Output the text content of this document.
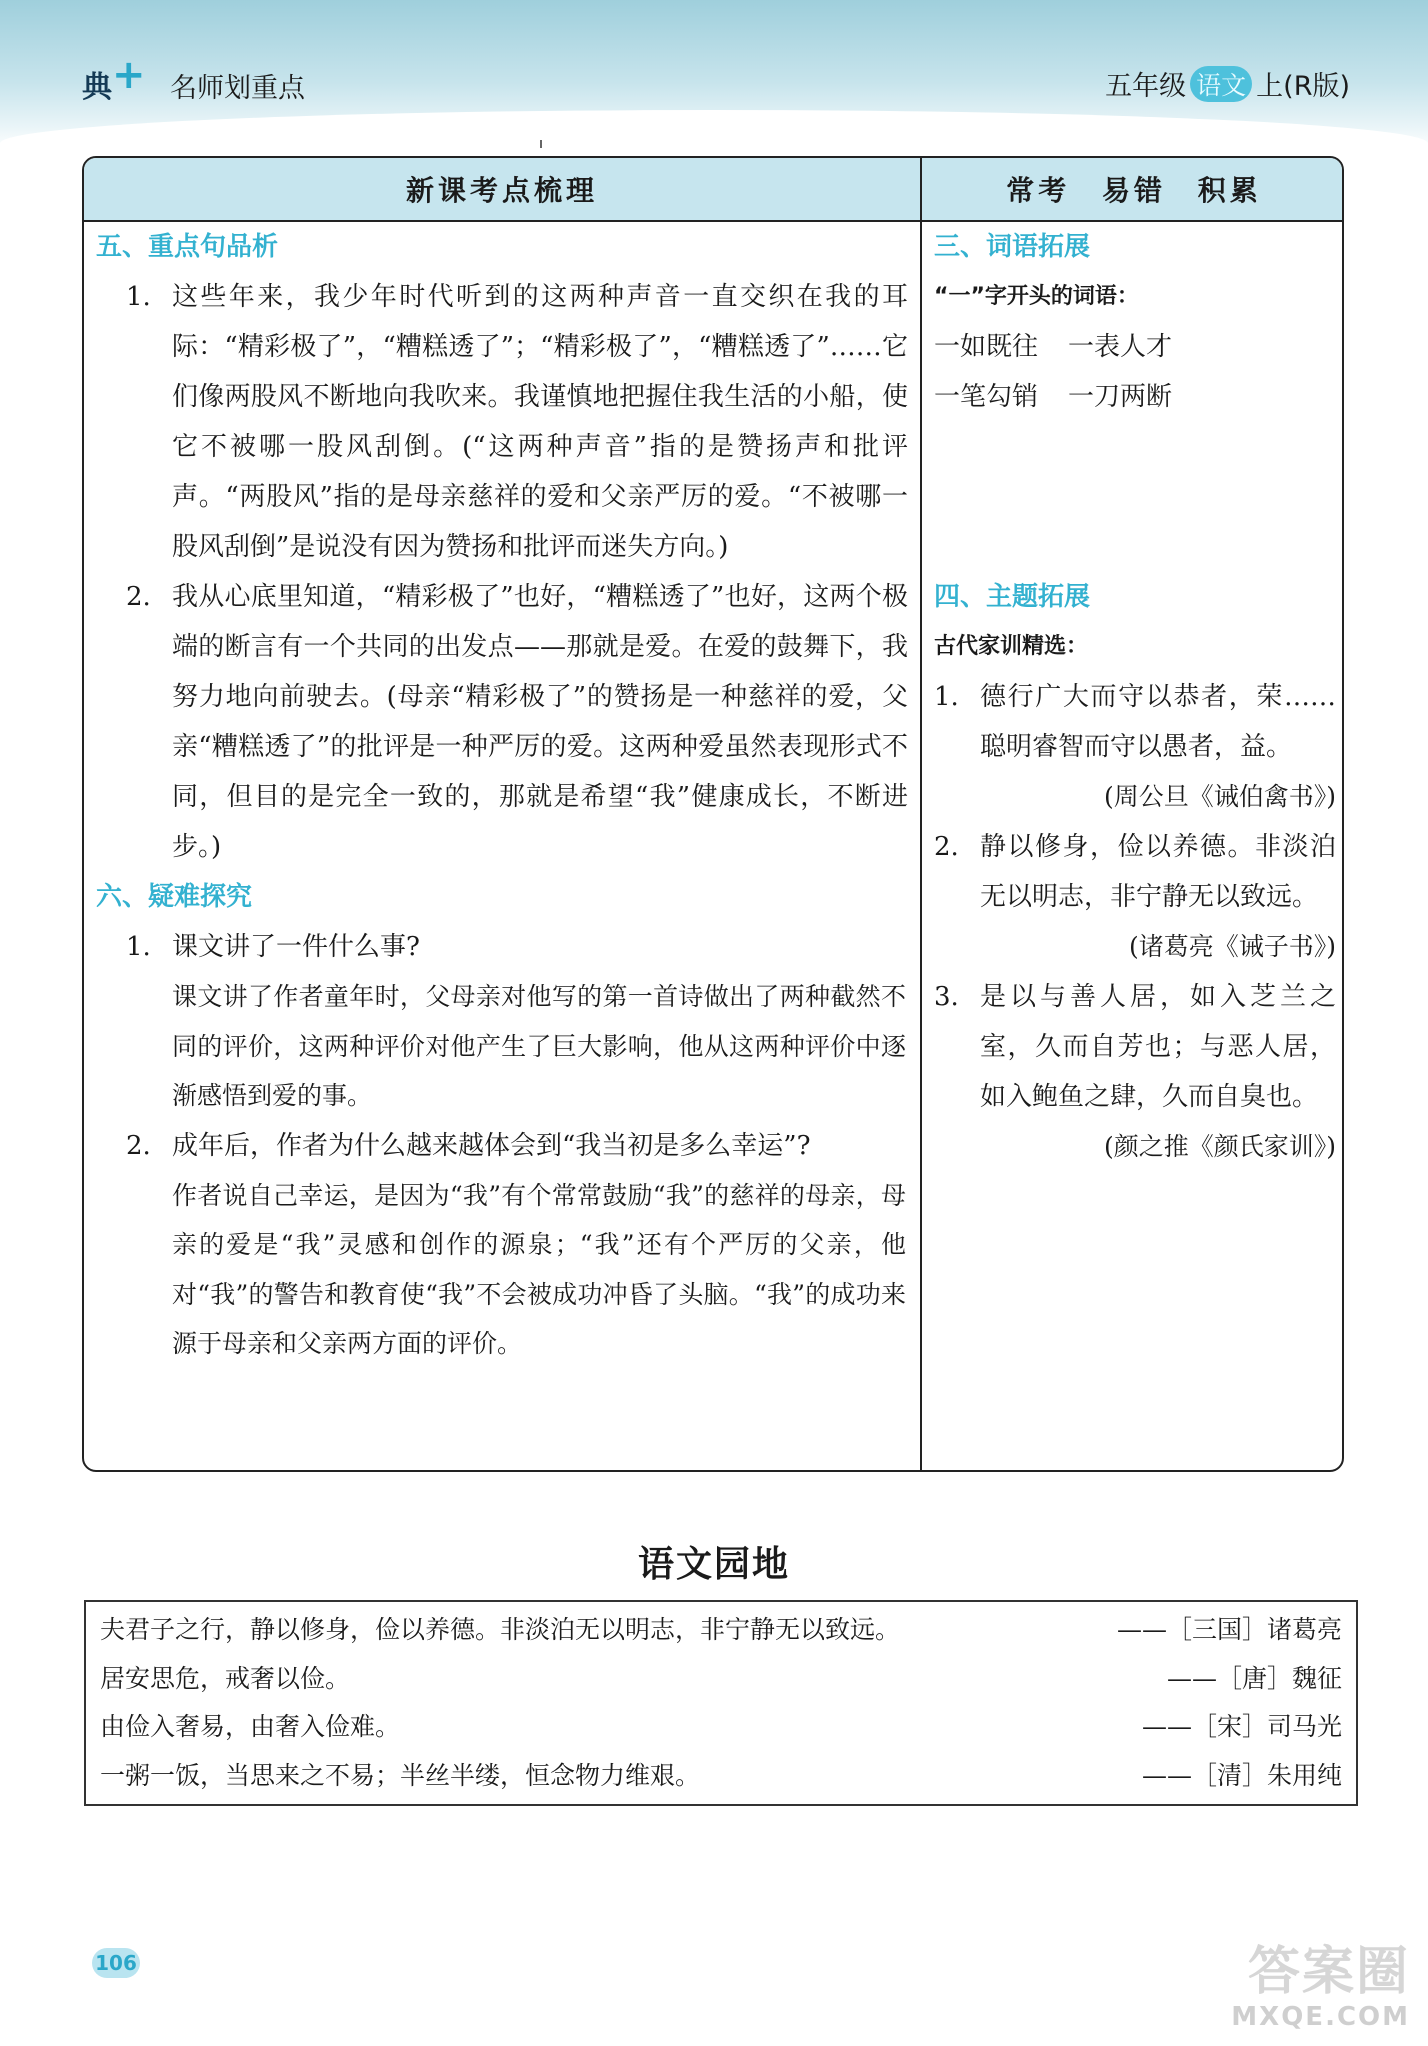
典 + 名师划重点	五年级 语文 上(R版)
新课考点梳理
五、重点句品析
1. 这些年来，我少年时代听到的这两种声音一直交织在我的耳际：“精彩极了”，“糟糕透了”；“精彩极了”，“糟糕透了”……它们像两股风不断地向我吹来。我谨慎地把握住我生活的小船，使它不被哪一股风刮倒。(“这两种声音”指的是赞扬声和批评声。“两股风”指的是母亲慈祥的爱和父亲严厉的爱。“不被哪一股风刮倒”是说没有因为赞扬和批评而迷失方向。)
2. 我从心底里知道，“精彩极了”也好，“糟糕透了”也好，这两个极端的断言有一个共同的出发点——那就是爱。在爱的鼓舞下，我努力地向前驶去。(母亲“精彩极了”的赞扬是一种慈祥的爱，父亲“糟糕透了”的批评是一种严厉的爱。这两种爱虽然表现形式不同，但目的是完全一致的，那就是希望“我”健康成长，不断进步。)
六、疑难探究
1. 课文讲了一件什么事?
课文讲了作者童年时，父母亲对他写的第一首诗做出了两种截然不同的评价，这两种评价对他产生了巨大影响，他从这两种评价中逐渐感悟到爱的事。
2. 成年后，作者为什么越来越体会到“我当初是多么幸运”?
作者说自己幸运，是因为“我”有个常常鼓励“我”的慈祥的母亲，母亲的爱是“我”灵感和创作的源泉；“我”还有个严厉的父亲，他对“我”的警告和教育使“我”不会被成功冲昏了头脑。“我”的成功来源于母亲和父亲两方面的评价。
常考 易错 积累
三、词语拓展
“一”字开头的词语：
一如既往 一表人才
一笔勾销 一刀两断
四、主题拓展
古代家训精选：
1. 德行广大而守以恭者，荣……聪明睿智而守以愚者，益。
(周公旦《诫伯禽书》)
2. 静以修身，俭以养德。非淡泊无以明志，非宁静无以致远。
(诸葛亮《诫子书》)
3. 是以与善人居，如入芝兰之室，久而自芳也；与恶人居，如入鲍鱼之肆，久而自臭也。
(颜之推《颜氏家训》)
语文园地
夫君子之行，静以修身，俭以养德。非淡泊无以明志，非宁静无以致远。	——［三国］诸葛亮
居安思危，戒奢以俭。	——［唐］魏征
由俭入奢易，由奢入俭难。	——［宋］司马光
一粥一饭，当思来之不易；半丝半缕，恒念物力维艰。	——［清］朱用纯
106	答案圈
MXQE.COM
